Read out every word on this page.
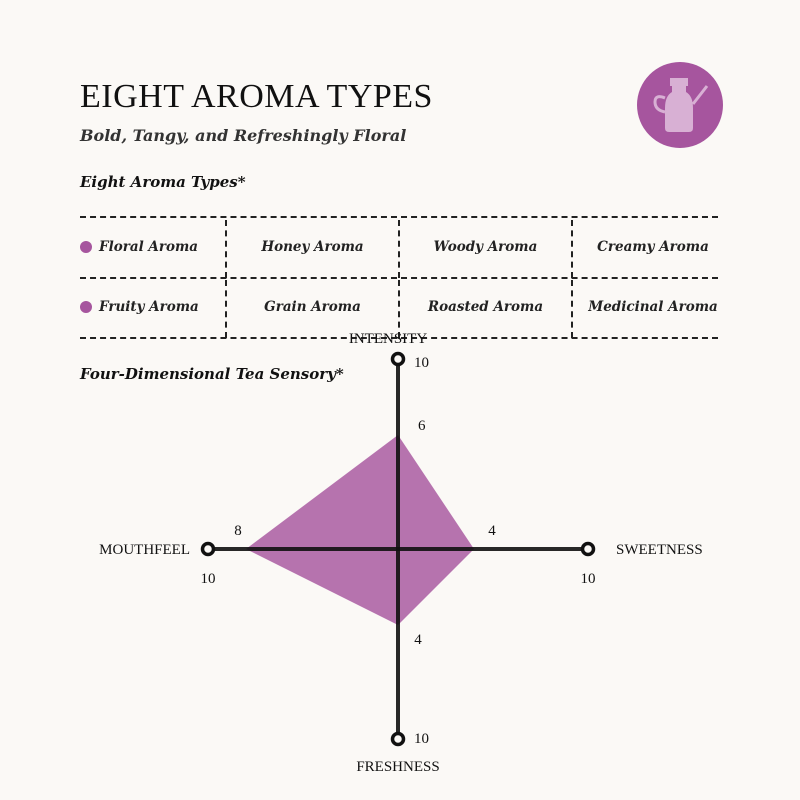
EIGHT AROMA TYPES
Bold, Tangy, and Refreshingly Floral
Eight Aroma Types*
Floral Aroma	Honey Aroma	Woody Aroma	Creamy Aroma
Fruity Aroma	Grain Aroma	Roasted Aroma	Medicinal Aroma
Four-Dimensional Tea Sensory*
INTENSITY
10
6
SWEETNESS
10
4
FRESHNESS
10
4
MOUTHFEEL
10
8
